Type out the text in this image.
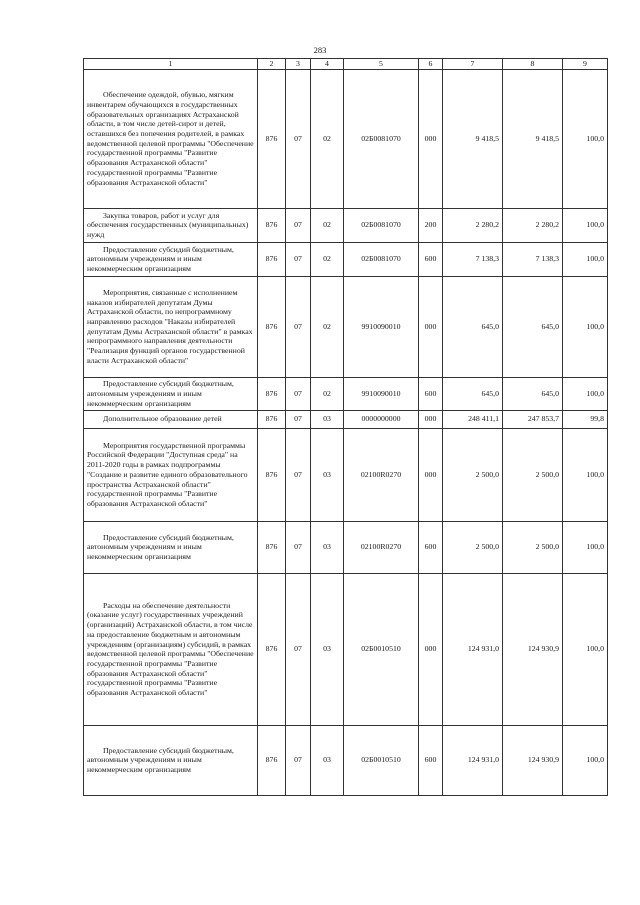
283
1	2	3	4	5	6	7	8	9
Обеспечение одеждой, обувью, мягким инвентарем обучающихся в государственных образовательных организациях Астраханской области, в том числе детей-сирот и детей, оставшихся без попечения родителей, в рамках ведомственной целевой программы "Обеспечение государственной программы "Развитие образования Астраханской области" государственной программы "Развитие образования Астраханской области"	876	07	02	02Б0081070	000	9 418,5	9 418,5	100,0
Закупка товаров, работ и услуг для обеспечения государственных (муниципальных) нужд	876	07	02	02Б0081070	200	2 280,2	2 280,2	100,0
Предоставление субсидий бюджетным, автономным учреждениям и иным некоммерческим организациям	876	07	02	02Б0081070	600	7 138,3	7 138,3	100,0
Мероприятия, связанные с исполнением наказов избирателей депутатам Думы Астраханской области, по непрограммному направлению расходов "Наказы избирателей депутатам Думы Астраханской области" в рамках непрограммного направления деятельности "Реализация функций органов государственной власти Астраханской области"	876	07	02	9910090010	000	645,0	645,0	100,0
Предоставление субсидий бюджетным, автономным учреждениям и иным некоммерческим организациям	876	07	02	9910090010	600	645,0	645,0	100,0
Дополнительное образование детей	876	07	03	0000000000	000	248 411,1	247 853,7	99,8
Мероприятия государственной программы Российской Федерации "Доступная среда" на 2011-2020 годы в рамках подпрограммы "Создание и развитие единого образовательного пространства Астраханской области" государственной программы "Развитие образования Астраханской области"	876	07	03	02100R0270	000	2 500,0	2 500,0	100,0
Предоставление субсидий бюджетным, автономным учреждениям и иным некоммерческим организациям	876	07	03	02100R0270	600	2 500,0	2 500,0	100,0
Расходы на обеспечение деятельности (оказание услуг) государственных учреждений (организаций) Астраханской области, в том числе на предоставление бюджетным и автономным учреждениям (организациям) субсидий, в рамках ведомственной целевой программы "Обеспечение государственной программы "Развитие образования Астраханской области" государственной программы "Развитие образования Астраханской области"	876	07	03	02Б0010510	000	124 931,0	124 930,9	100,0
Предоставление субсидий бюджетным, автономным учреждениям и иным некоммерческим организациям	876	07	03	02Б0010510	600	124 931,0	124 930,9	100,0
